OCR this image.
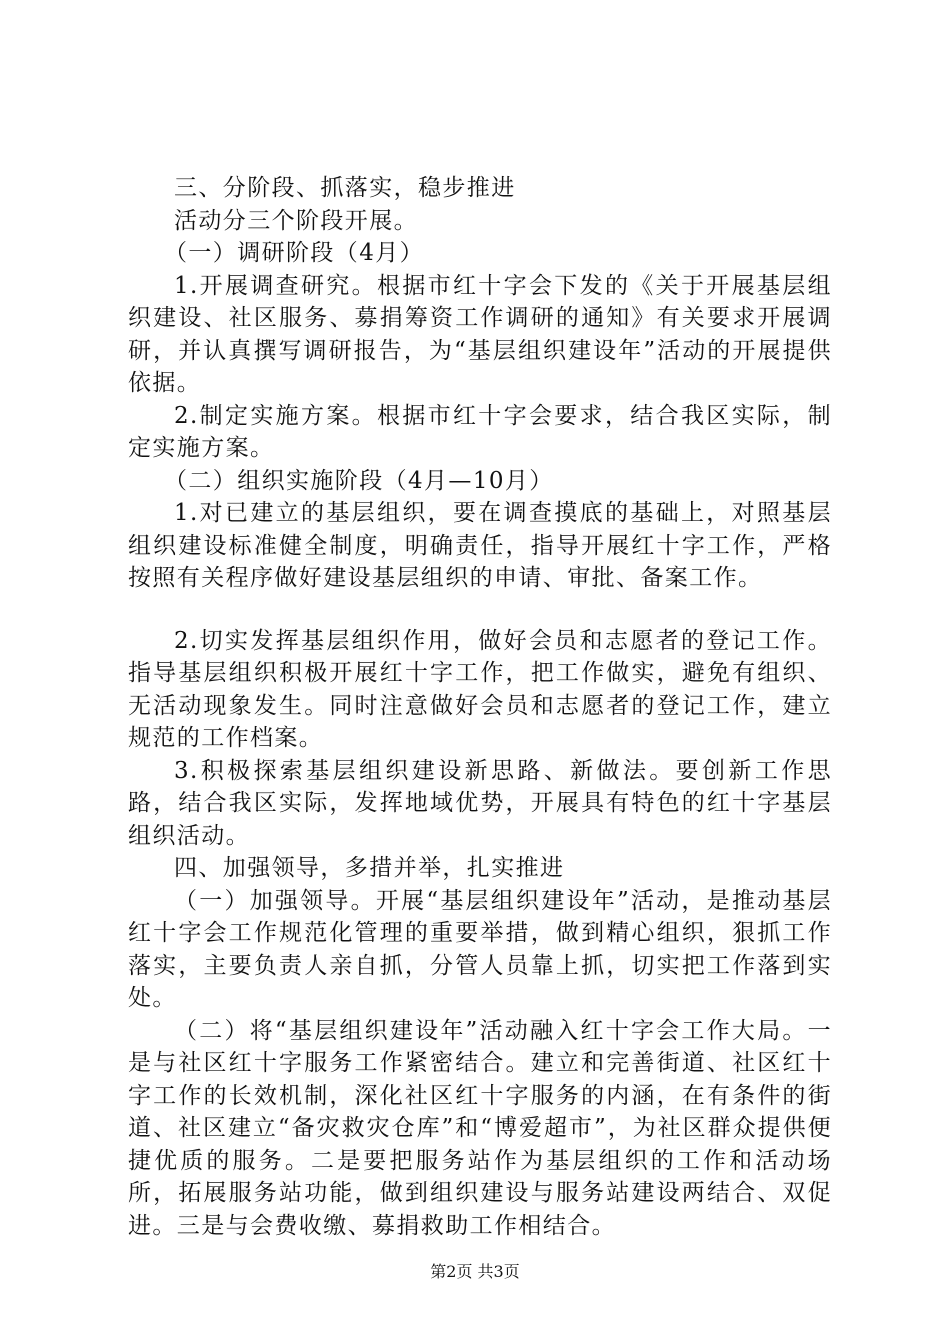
三、分阶段、抓落实，稳步推进

活动分三个阶段开展。

（一）调研阶段（4月）

1.开展调查研究。根据市红十字会下发的《关于开展基层组织建设、社区服务、募捐筹资工作调研的通知》有关要求开展调研，并认真撰写调研报告，为“基层组织建设年”活动的开展提供依据。

2.制定实施方案。根据市红十字会要求，结合我区实际，制定实施方案。

（二）组织实施阶段（4月—10月）

1.对已建立的基层组织，要在调查摸底的基础上，对照基层组织建设标准健全制度，明确责任，指导开展红十字工作，严格按照有关程序做好建设基层组织的申请、审批、备案工作。

2.切实发挥基层组织作用，做好会员和志愿者的登记工作。指导基层组织积极开展红十字工作，把工作做实，避免有组织、无活动现象发生。同时注意做好会员和志愿者的登记工作，建立规范的工作档案。

3.积极探索基层组织建设新思路、新做法。要创新工作思路，结合我区实际，发挥地域优势，开展具有特色的红十字基层组织活动。

四、加强领导，多措并举，扎实推进

（一）加强领导。开展“基层组织建设年”活动，是推动基层红十字会工作规范化管理的重要举措，做到精心组织，狠抓工作落实，主要负责人亲自抓，分管人员靠上抓，切实把工作落到实处。

（二）将“基层组织建设年”活动融入红十字会工作大局。一是与社区红十字服务工作紧密结合。建立和完善街道、社区红十字工作的长效机制，深化社区红十字服务的内涵，在有条件的街道、社区建立“备灾救灾仓库”和“博爱超市”，为社区群众提供便捷优质的服务。二是要把服务站作为基层组织的工作和活动场所，拓展服务站功能，做到组织建设与服务站建设两结合、双促进。三是与会费收缴、募捐救助工作相结合。

第2页 共3页
